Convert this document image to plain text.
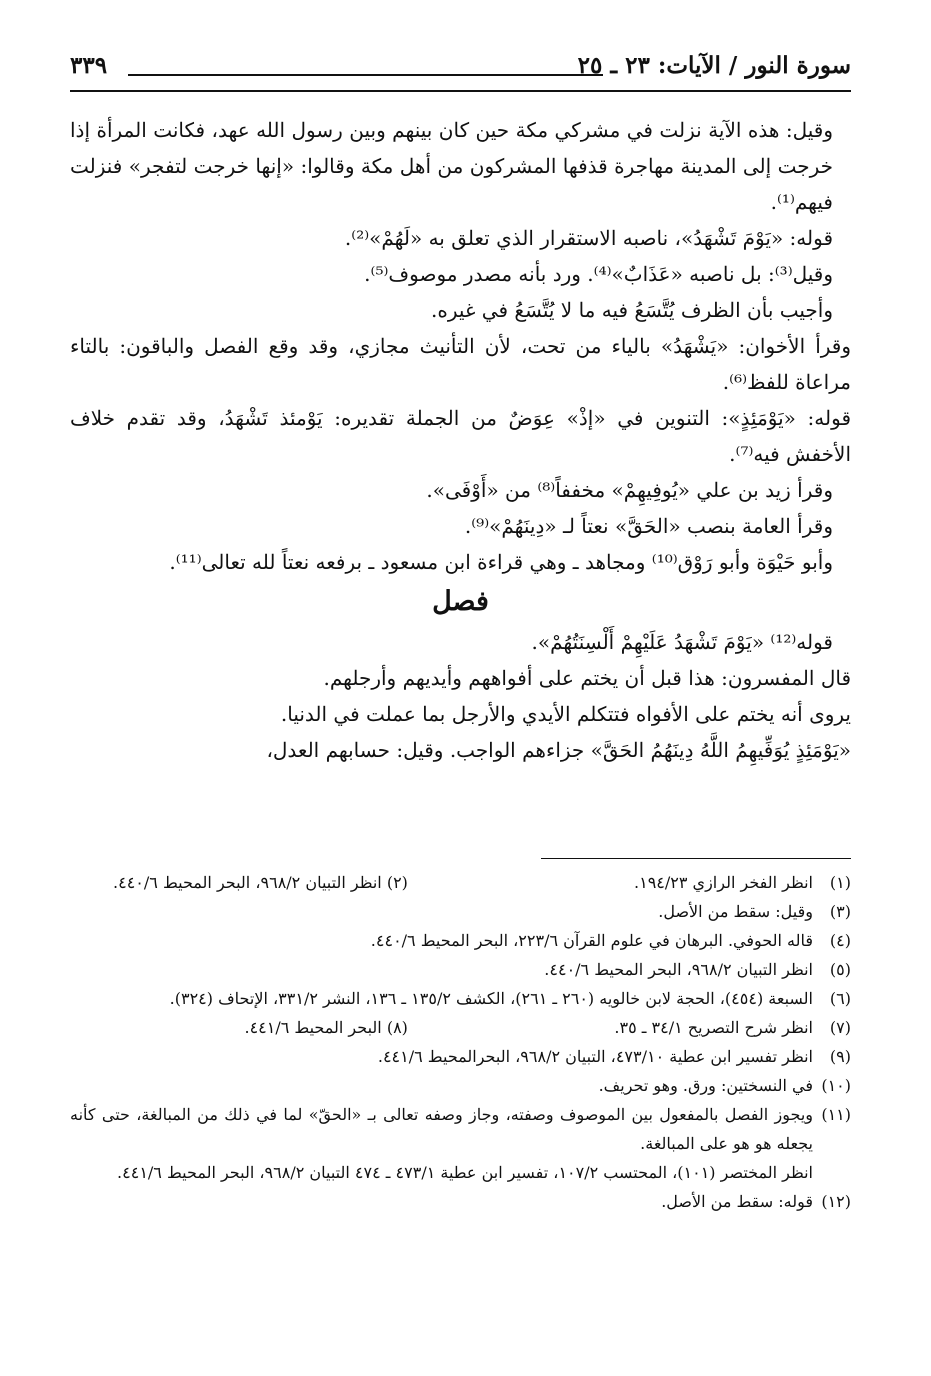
سورة النور / الآيات: ٢٣ ـ ٢٥
٣٣٩

وقيل: هذه الآية نزلت في مشركي مكة حين كان بينهم وبين رسول الله عهد، فكانت المرأة إذا خرجت إلى المدينة مهاجرة قذفها المشركون من أهل مكة وقالوا: «إنها خرجت لتفجر» فنزلت فيهم⁽¹⁾.

قوله: «يَوْمَ تَشْهَدُ»، ناصبه الاستقرار الذي تعلق به «لَهُمْ»⁽²⁾.

وقيل⁽³⁾: بل ناصبه «عَذَابٌ»⁽⁴⁾. ورد بأنه مصدر موصوف⁽⁵⁾.

وأجيب بأن الظرف يُتَّسَعُ فيه ما لا يُتَّسَعُ في غيره.

وقرأ الأخوان: «يَشْهَدُ» بالياء من تحت، لأن التأنيث مجازي، وقد وقع الفصل والباقون: بالتاء مراعاة للفظ⁽⁶⁾.

قوله: «يَوْمَئِذٍ»: التنوين في «إذْ» عِوَضٌ من الجملة تقديره: يَوْمئذ تَشْهَدُ، وقد تقدم خلاف الأخفش فيه⁽⁷⁾.

وقرأ زيد بن علي «يُوفِيهِمْ» مخففاً⁽⁸⁾ من «أَوْفَى».

وقرأ العامة بنصب «الحَقَّ» نعتاً لـ «دِينَهُمْ»⁽⁹⁾.

وأبو حَيْوَة وأبو رَوْق⁽¹⁰⁾ ومجاهد ـ وهي قراءة ابن مسعود ـ برفعه نعتاً لله تعالى⁽¹¹⁾.

فصل

قوله⁽¹²⁾ «يَوْمَ تَشْهَدُ عَلَيْهِمْ أَلْسِنَتُهُمْ».

قال المفسرون: هذا قبل أن يختم على أفواههم وأيديهم وأرجلهم.

يروى أنه يختم على الأفواه فتتكلم الأيدي والأرجل بما عملت في الدنيا.

«يَوْمَئِذٍ يُوَفِّيهِمُ اللَّهُ دِينَهُمُ الحَقَّ» جزاءهم الواجب. وقيل: حسابهم العدل،

(١)
انظر الفخر الرازي ١٩٤/٢٣. (٢) انظر التبيان ٩٦٨/٢، البحر المحيط ٤٤٠/٦.
(٣)
وقيل: سقط من الأصل.
(٤)
قاله الحوفي. البرهان في علوم القرآن ٢٢٣/٦، البحر المحيط ٤٤٠/٦.
(٥)
انظر التبيان ٩٦٨/٢، البحر المحيط ٤٤٠/٦.
(٦)
السبعة (٤٥٤)، الحجة لابن خالويه (٢٦٠ ـ ٢٦١)، الكشف ١٣٥/٢ ـ ١٣٦، النشر ٣٣١/٢، الإتحاف (٣٢٤).
(٧)
انظر شرح التصريح ٣٤/١ ـ ٣٥. (٨) البحر المحيط ٤٤١/٦.
(٩)
انظر تفسير ابن عطية ٤٧٣/١٠، التبيان ٩٦٨/٢، البحرالمحيط ٤٤١/٦.
(١٠)
في النسختين: ورق. وهو تحريف.
(١١)
ويجوز الفصل بالمفعول بين الموصوف وصفته، وجاز وصفه تعالى بـ «الحقّ» لما في ذلك من المبالغة، حتى كأنه يجعله هو هو على المبالغة.
انظر المختصر (١٠١)، المحتسب ١٠٧/٢، تفسير ابن عطية ٤٧٣/١ ـ ٤٧٤ التبيان ٩٦٨/٢، البحر المحيط ٤٤١/٦.
(١٢)
قوله: سقط من الأصل.
